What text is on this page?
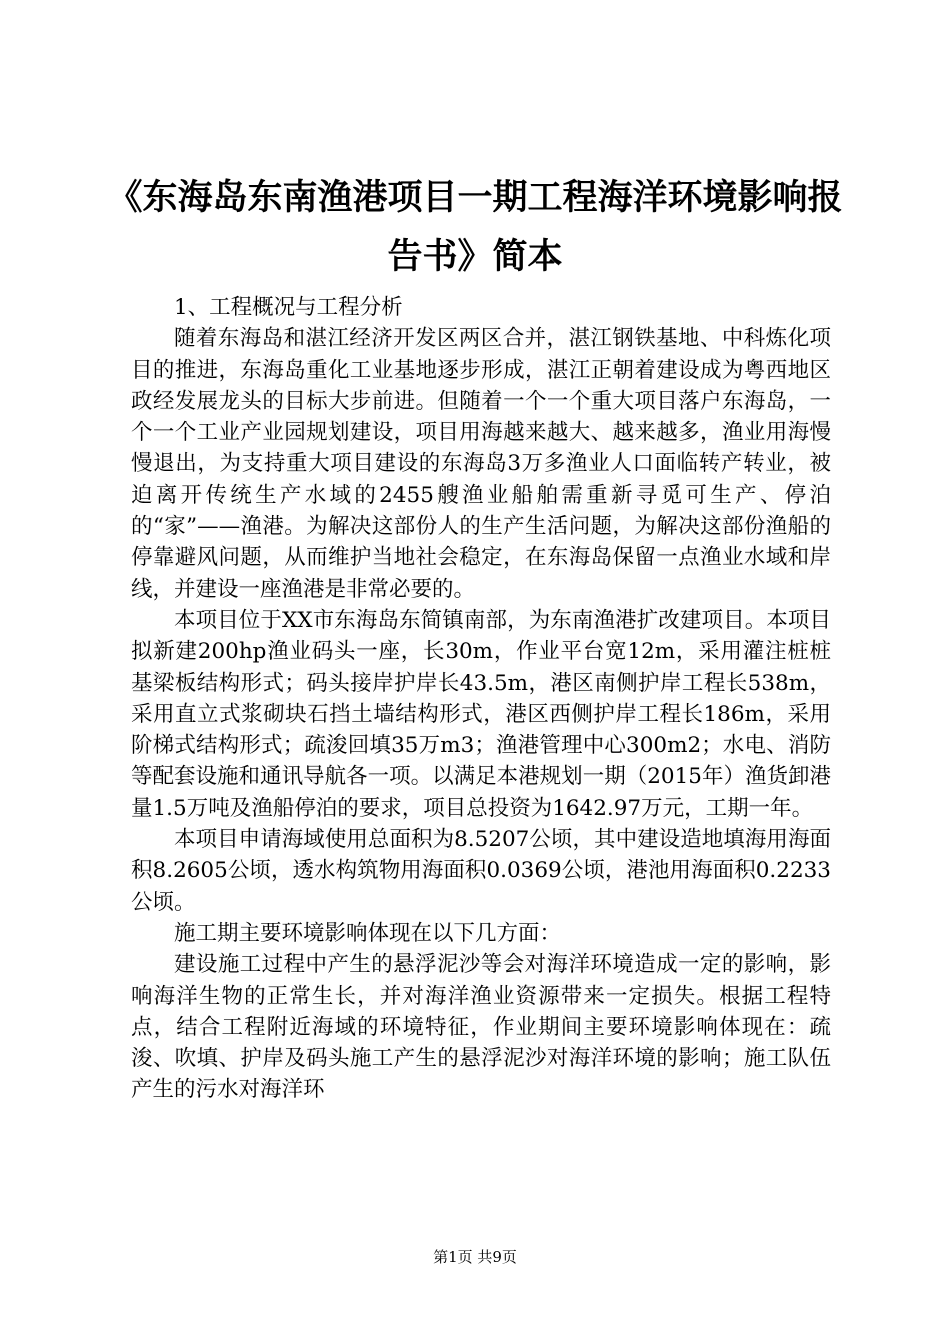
《东海岛东南渔港项目一期工程海洋环境影响报告书》简本

1、工程概况与工程分析

随着东海岛和湛江经济开发区两区合并，湛江钢铁基地、中科炼化项目的推进，东海岛重化工业基地逐步形成，湛江正朝着建设成为粤西地区政经发展龙头的目标大步前进。但随着一个一个重大项目落户东海岛，一个一个工业产业园规划建设，项目用海越来越大、越来越多，渔业用海慢慢退出，为支持重大项目建设的东海岛3万多渔业人口面临转产转业，被迫离开传统生产水域的2455艘渔业船舶需重新寻觅可生产、停泊的“家”——渔港。为解决这部份人的生产生活问题，为解决这部份渔船的停靠避风问题，从而维护当地社会稳定，在东海岛保留一点渔业水域和岸线，并建设一座渔港是非常必要的。

本项目位于XX市东海岛东简镇南部，为东南渔港扩改建项目。本项目拟新建200hp渔业码头一座，长30m，作业平台宽12m，采用灌注桩桩基梁板结构形式；码头接岸护岸长43.5m，港区南侧护岸工程长538m，采用直立式浆砌块石挡土墙结构形式，港区西侧护岸工程长186m，采用阶梯式结构形式；疏浚回填35万m3；渔港管理中心300m2；水电、消防等配套设施和通讯导航各一项。以满足本港规划一期（2015年）渔货卸港量1.5万吨及渔船停泊的要求，项目总投资为1642.97万元，工期一年。

本项目申请海域使用总面积为8.5207公顷，其中建设造地填海用海面积8.2605公顷，透水构筑物用海面积0.0369公顷，港池用海面积0.2233公顷。

施工期主要环境影响体现在以下几方面：

建设施工过程中产生的悬浮泥沙等会对海洋环境造成一定的影响，影响海洋生物的正常生长，并对海洋渔业资源带来一定损失。根据工程特点，结合工程附近海域的环境特征，作业期间主要环境影响体现在：疏浚、吹填、护岸及码头施工产生的悬浮泥沙对海洋环境的影响；施工队伍产生的污水对海洋环

第1页 共9页
